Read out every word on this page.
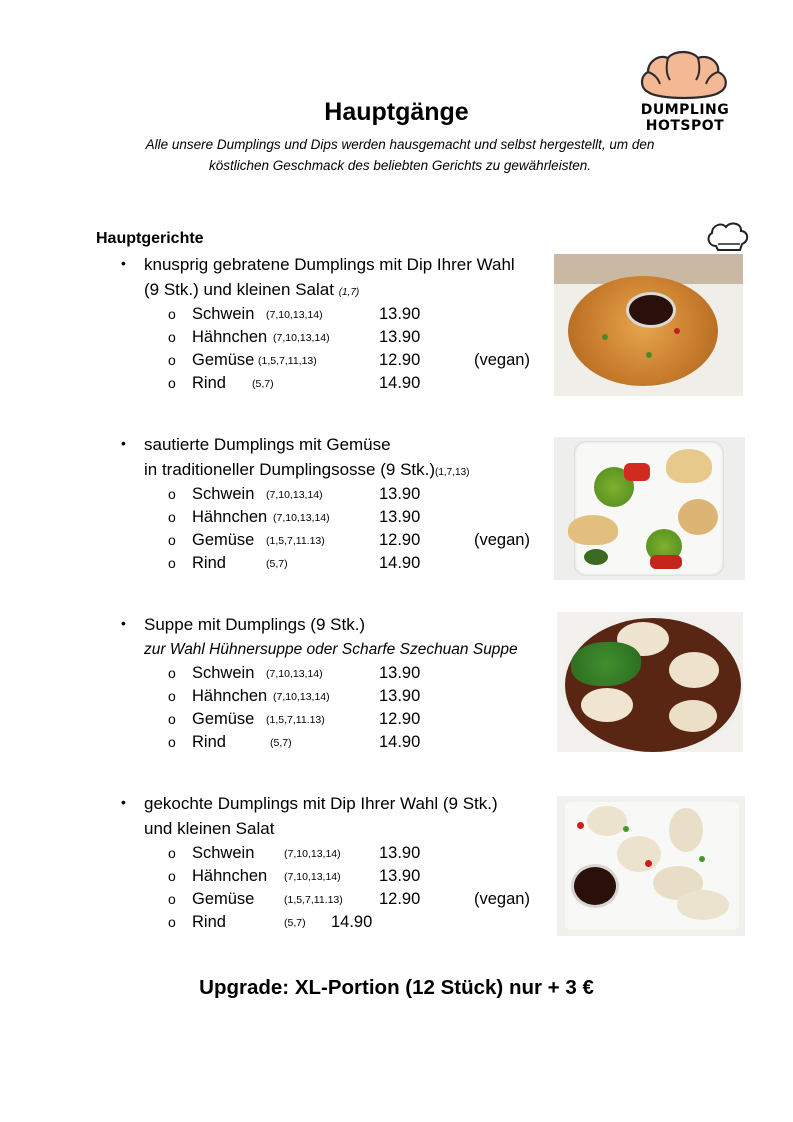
DUMPLING
HOTSPOT
Hauptgänge
Alle unsere Dumplings und Dips werden hausgemacht und selbst hergestellt, um den
köstlichen Geschmack des beliebten Gerichts zu gewährleisten.
Hauptgerichte
• knusprig gebratene Dumplings mit Dip Ihrer Wahl
(9 Stk.) und kleinen Salat (1,7)
• sautierte Dumplings mit Gemüse
in traditioneller Dumplingsosse (9 Stk.)(1,7,13)
• Suppe mit Dumplings (9 Stk.)
zur Wahl Hühnersuppe oder Scharfe Szechuan Suppe
• gekochte Dumplings mit Dip Ihrer Wahl (9 Stk.)
und kleinen Salat
o Schwein (7,10,13,14)	13.90
o Hähnchen (7,10,13,14)	13.90
o Gemüse (1,5,7,11,13)	12.90	(vegan)
o Rind (5,7)	14.90
o Schwein (7,10,13,14)	13.90
o Hähnchen (7,10,13,14)	13.90
o Gemüse (1,5,7,11.13)	12.90	(vegan)
o Rind	(5,7)	14.90
o Schwein (7,10,13,14)	13.90
o Hähnchen (7,10,13,14)	13.90
o Gemüse (1,5,7,11.13)	12.90
o Rind	(5,7)	14.90
o Schwein	(7,10,13,14) 13.90
o Hähnchen (7,10,13,14) 13.90
o Gemüse	(1,5,7,11.13) 12.90	(vegan)
o Rind	(5,7) 14.90
Upgrade: XL-Portion (12 Stück) nur + 3 €
